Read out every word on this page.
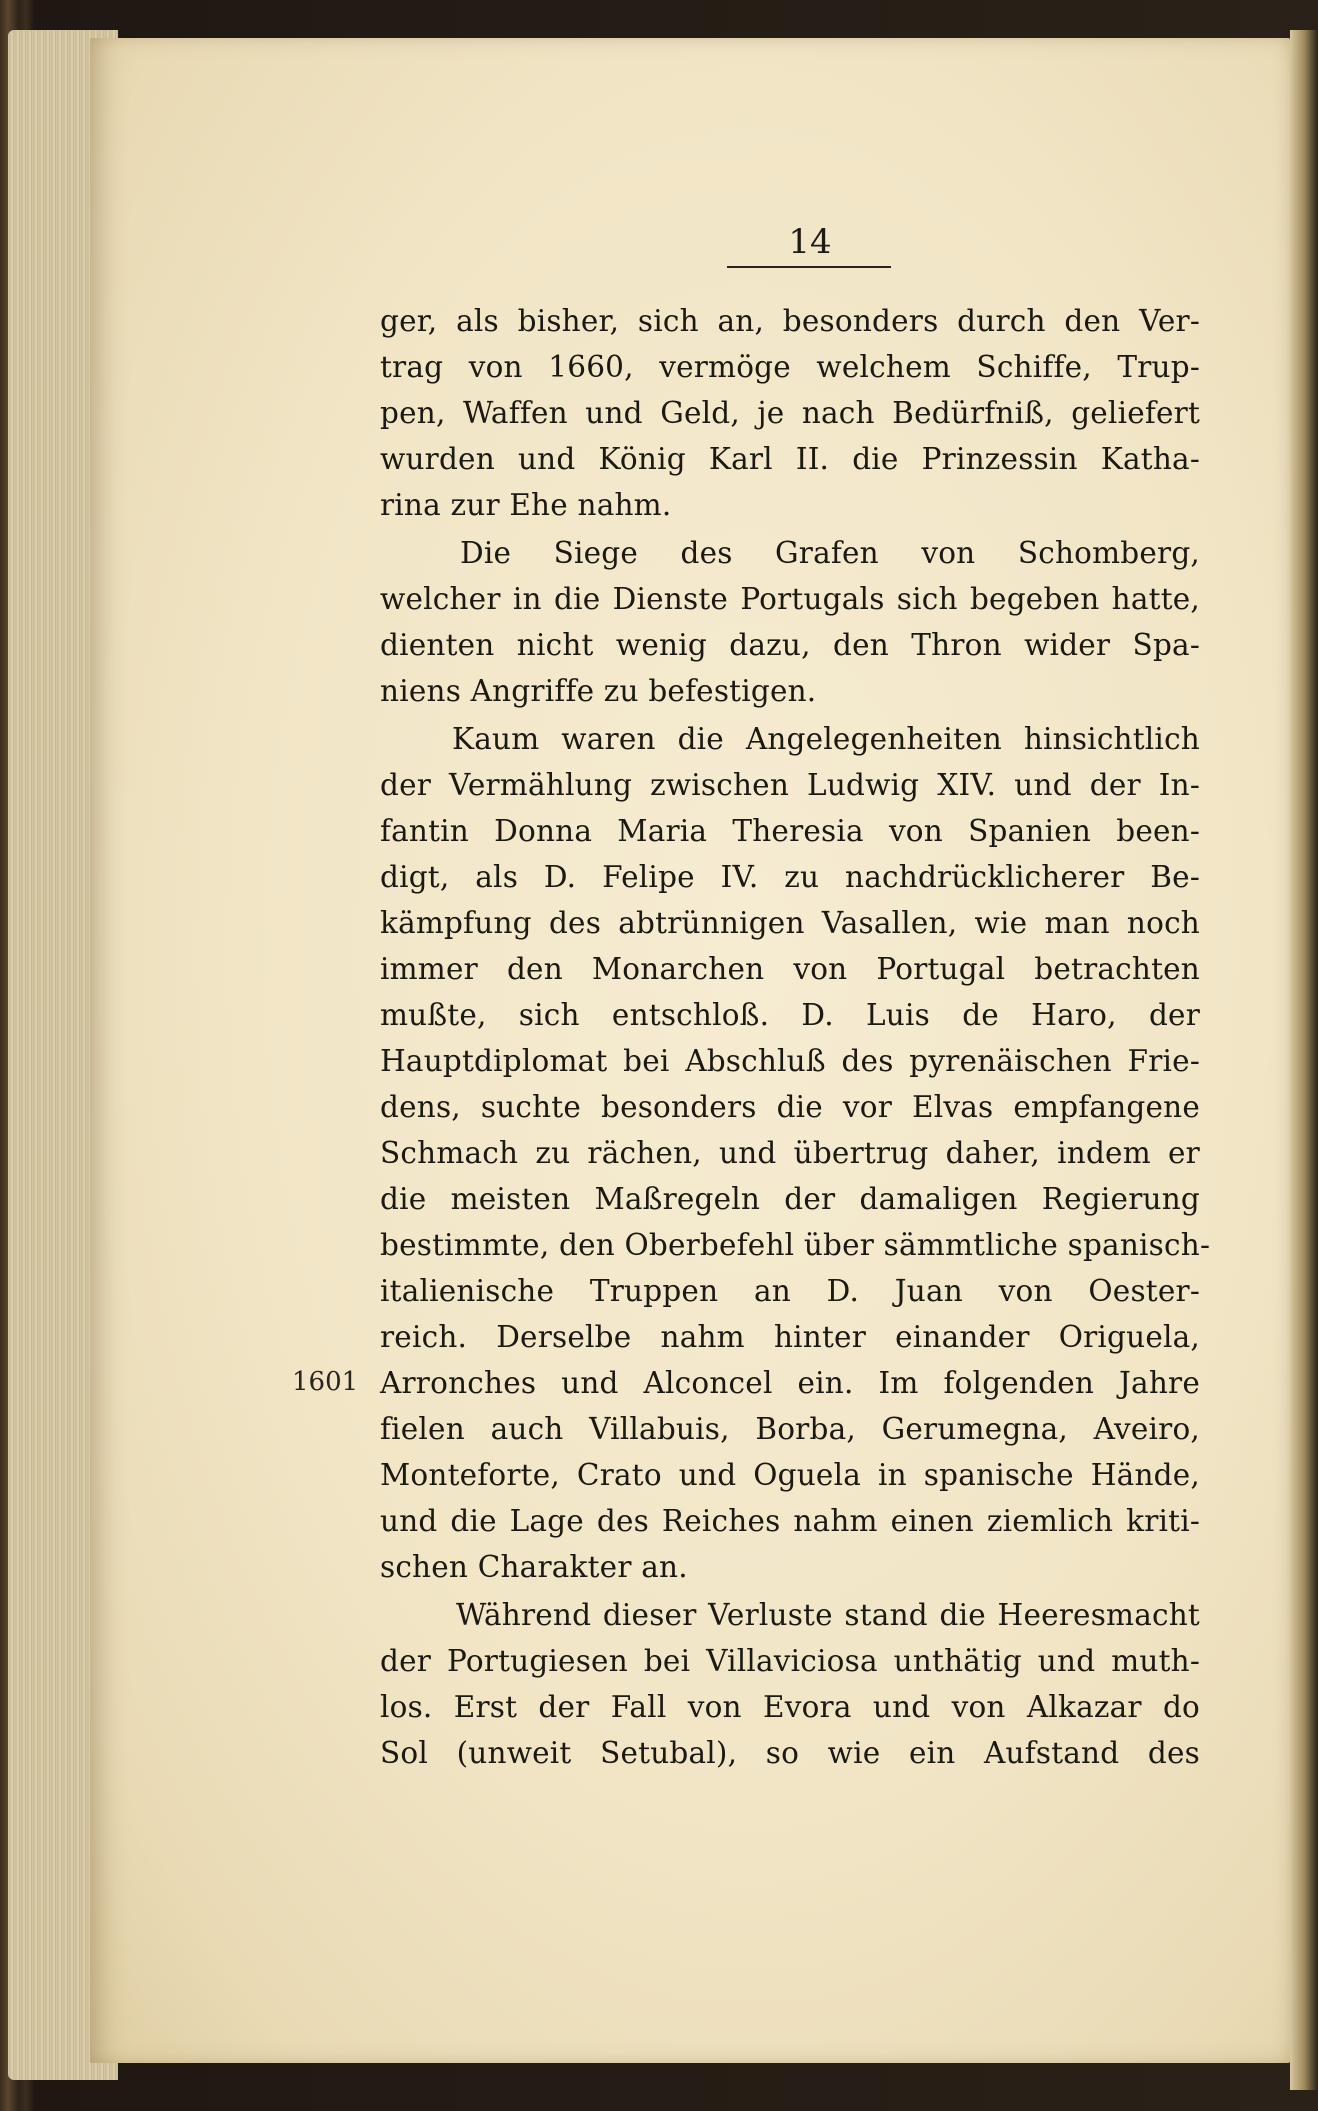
14
1601
ger, als bisher, sich an, besonders durch den Ver-
trag von 1660, vermöge welchem Schiffe, Trup-
pen, Waffen und Geld, je nach Bedürfniß, geliefert
wurden und König Karl II. die Prinzessin Katha-
rina zur Ehe nahm.
Die Siege des Grafen von Schomberg,
welcher in die Dienste Portugals sich begeben hatte,
dienten nicht wenig dazu, den Thron wider Spa-
niens Angriffe zu befestigen.
Kaum waren die Angelegenheiten hinsichtlich
der Vermählung zwischen Ludwig XIV. und der In-
fantin Donna Maria Theresia von Spanien been-
digt, als D. Felipe IV. zu nachdrücklicherer Be-
kämpfung des abtrünnigen Vasallen, wie man noch
immer den Monarchen von Portugal betrachten
mußte, sich entschloß. D. Luis de Haro, der
Hauptdiplomat bei Abschluß des pyrenäischen Frie-
dens, suchte besonders die vor Elvas empfangene
Schmach zu rächen, und übertrug daher, indem er
die meisten Maßregeln der damaligen Regierung
bestimmte, den Oberbefehl über sämmtliche spanisch-
italienische Truppen an D. Juan von Oester-
reich. Derselbe nahm hinter einander Origuela,
Arronches und Alconcel ein. Im folgenden Jahre
fielen auch Villabuis, Borba, Gerumegna, Aveiro,
Monteforte, Crato und Oguela in spanische Hände,
und die Lage des Reiches nahm einen ziemlich kriti-
schen Charakter an.
Während dieser Verluste stand die Heeresmacht
der Portugiesen bei Villaviciosa unthätig und muth-
los. Erst der Fall von Evora und von Alkazar do
Sol (unweit Setubal), so wie ein Aufstand des
